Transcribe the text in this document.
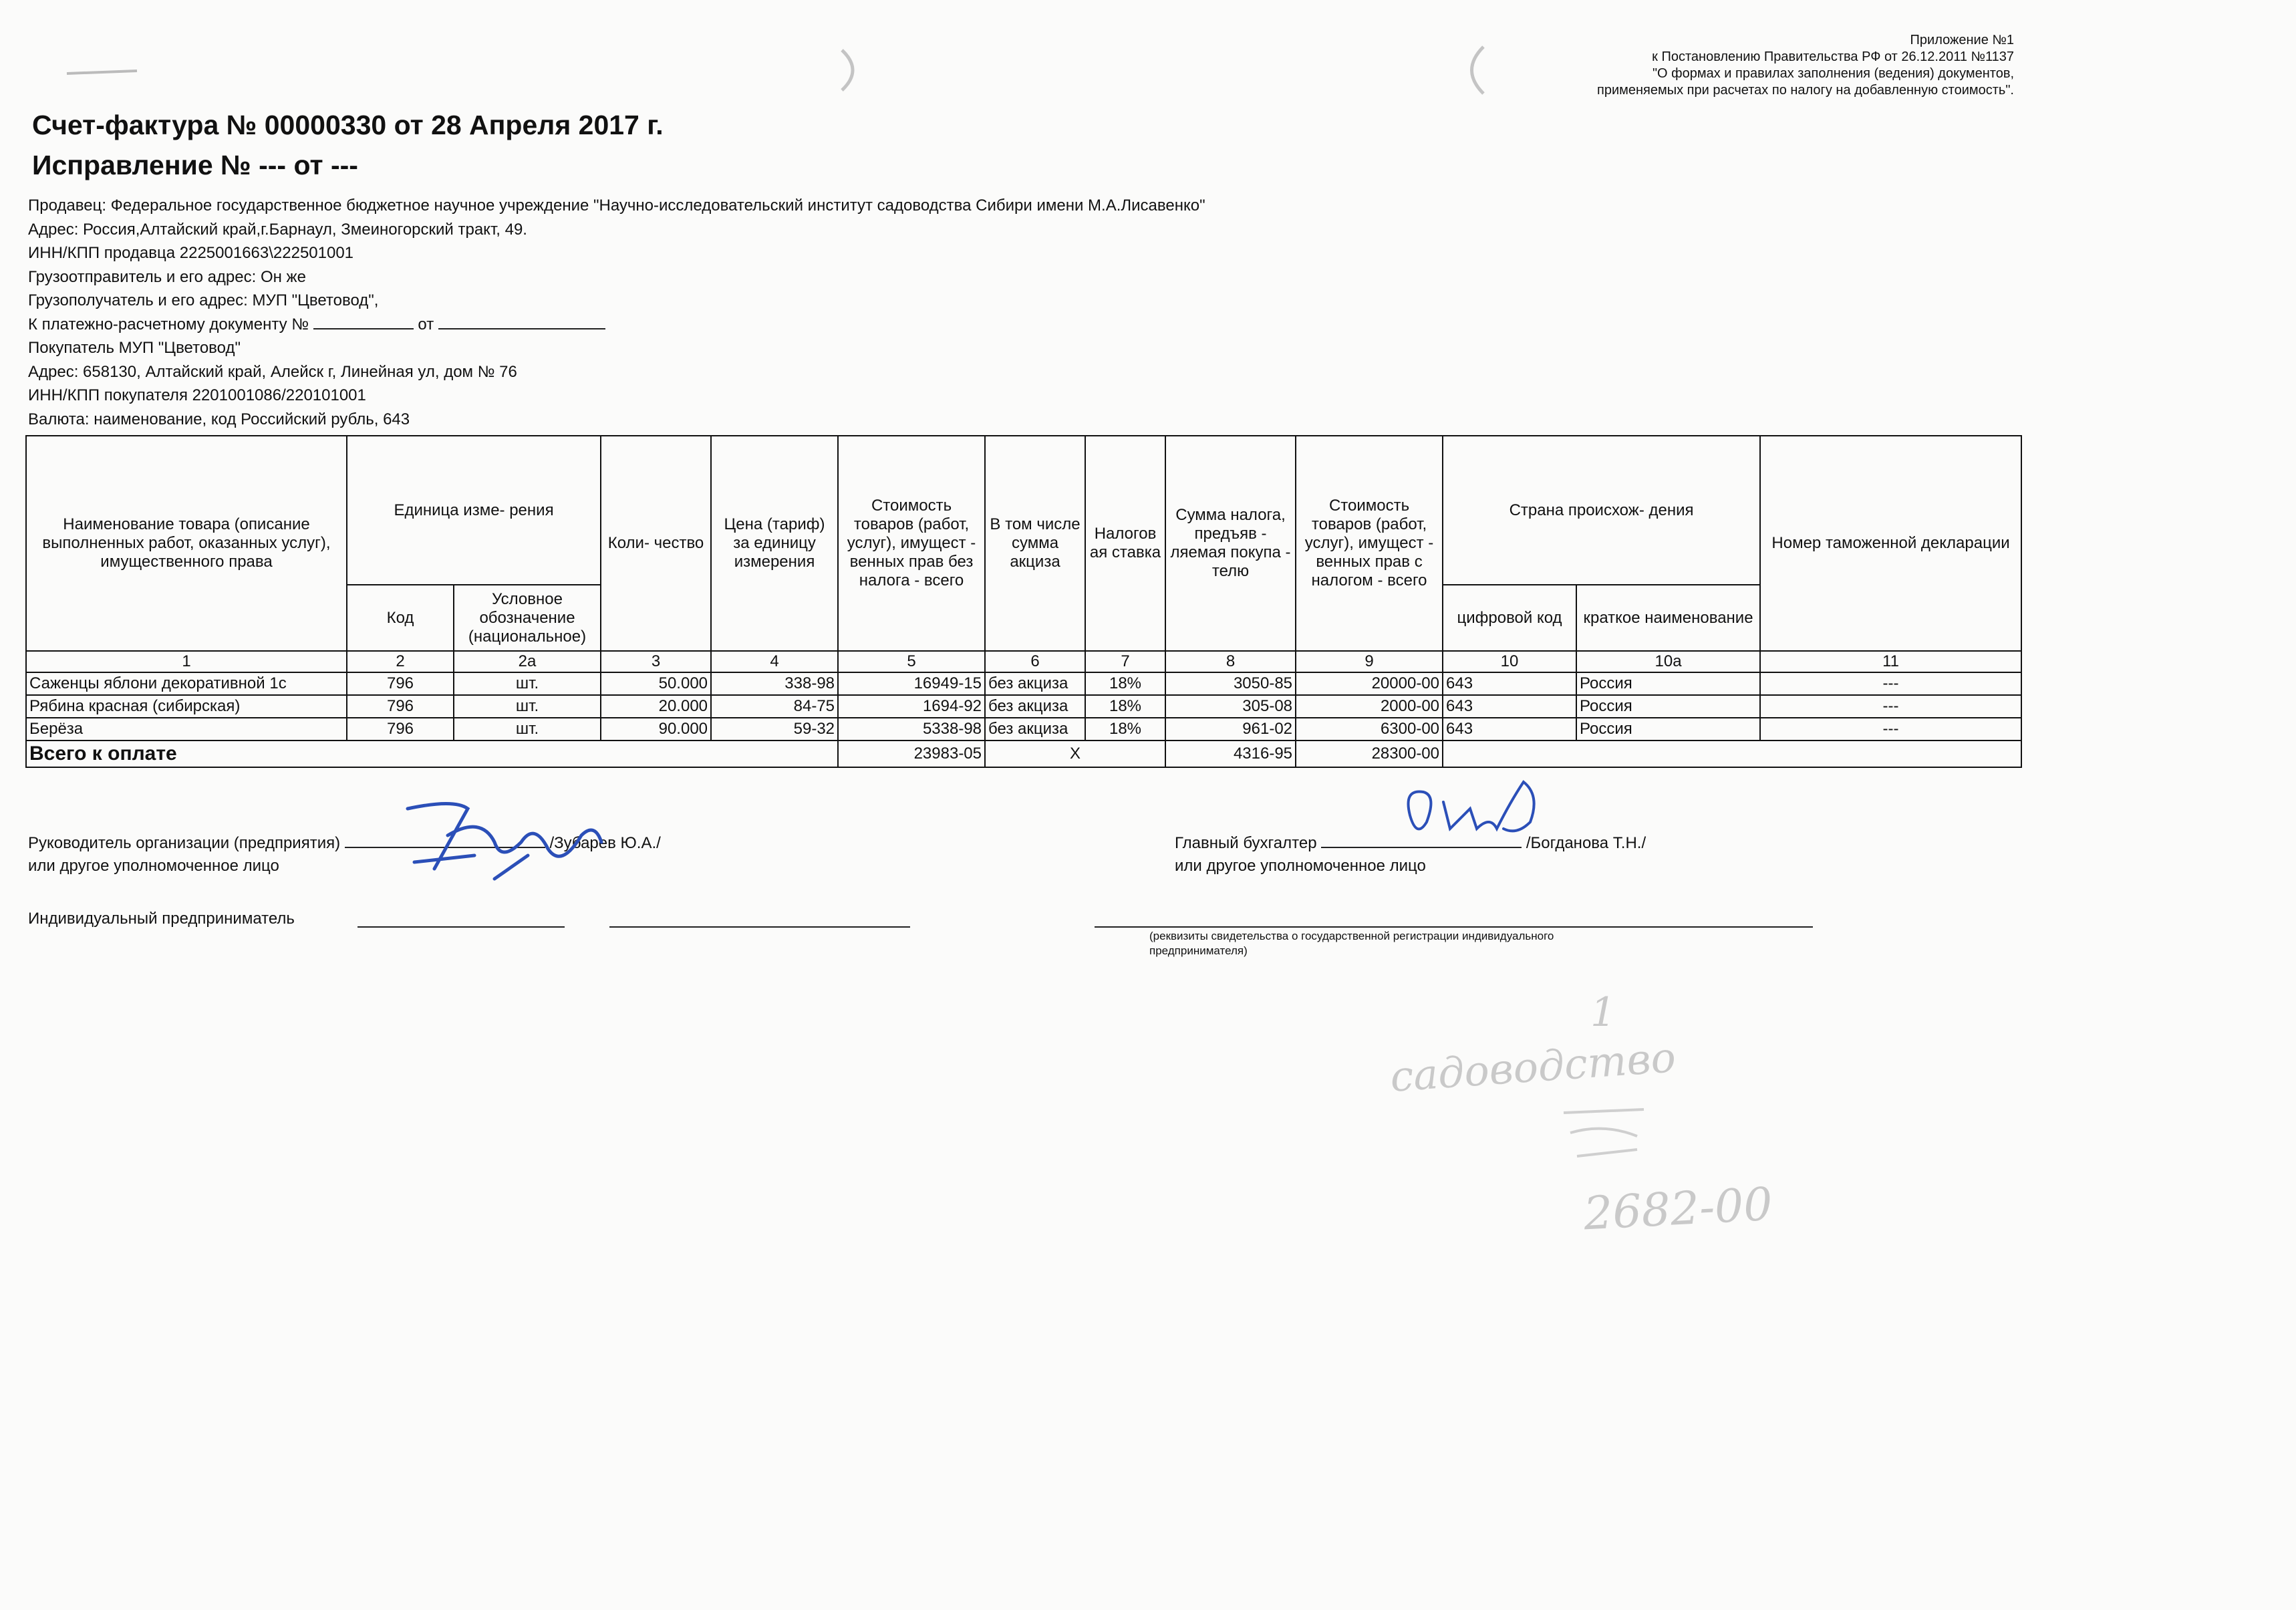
Приложение №1
к Постановлению Правительства РФ от 26.12.2011 №1137
"О формах и правилах заполнения (ведения) документов,
применяемых при расчетах по налогу на добавленную стоимость".
Счет-фактура № 00000330 от 28 Апреля 2017 г.
Исправление № --- от ---
Продавец: Федеральное государственное бюджетное научное учреждение "Научно-исследовательский институт садоводства Сибири имени М.А.Лисавенко"
Адрес: Россия,Алтайский край,г.Барнаул, Змеиногорский тракт, 49.
ИНН/КПП продавца 2225001663\222501001
Грузоотправитель и его адрес: Он же
Грузополучатель и его адрес: МУП "Цветовод",
К платежно-расчетному документу №	от
Покупатель МУП "Цветовод"
Адрес: 658130, Алтайский край, Алейск г, Линейная ул, дом № 76
ИНН/КПП покупателя 2201001086/220101001
Валюта: наименование, код Российский рубль, 643
Наименование товара (описание выполненных работ, оказанных услуг), имущественного права	Единица изме- рения		Коли- чество	Цена (тариф) за единицу измерения	Стоимость товаров (работ, услуг), имущест - венных прав без налога - всего	В том числе сумма акциза	Налогов ая ставка	Сумма налога, предъяв - ляемая покупа - телю	Стоимость товаров (работ, услуг), имущест - венных прав с налогом - всего	Страна происхож- дения		Номер таможенной декларации
	Код	Условное обозначение (национальное)								цифровой код	краткое наименование	
1	2	2а	3	4	5	6	7	8	9	10	10а	11
Саженцы яблони декоративной 1с	796	шт.	50.000	338-98	16949-15	без акциза	18%	3050-85	20000-00	643	Россия	---
Рябина красная (сибирская)	796	шт.	20.000	84-75	1694-92	без акциза	18%	305-08	2000-00	643	Россия	---
Берёза	796	шт.	90.000	59-32	5338-98	без акциза	18%	961-02	6300-00	643	Россия	---
Всего к оплате					23983-05	X		4316-95	28300-00			
Руководитель организации (предприятия)	/Зубарев Ю.А./
или другое уполномоченное лицо
Главный бухгалтер	/Богданова Т.Н./
или другое уполномоченное лицо
Индивидуальный предприниматель
(реквизиты свидетельства о государственной регистрации индивидуального
предпринимателя)
1
садоводство
2682-00
